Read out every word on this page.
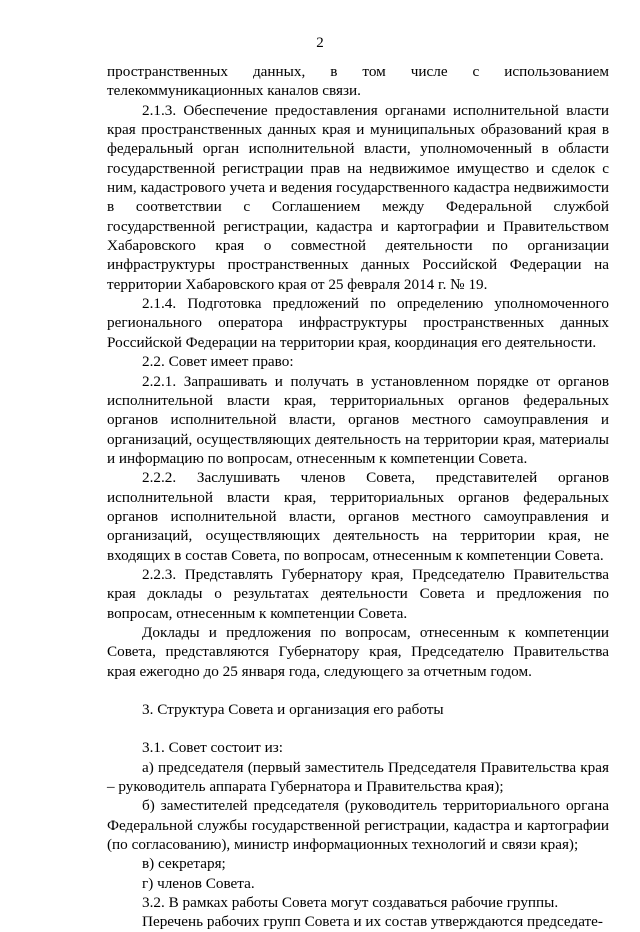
2

пространственных данных, в том числе с использованием телекоммуникационных каналов связи.

2.1.3. Обеспечение предоставления органами исполнительной власти края пространственных данных края и муниципальных образований края в федеральный орган исполнительной власти, уполномоченный в области государственной регистрации прав на недвижимое имущество и сделок с ним, кадастрового учета и ведения государственного кадастра недвижимости в соответствии с Соглашением между Федеральной службой государственной регистрации, кадастра и картографии и Правительством Хабаровского края о совместной деятельности по организации инфраструктуры пространственных данных Российской Федерации на территории Хабаровского края от 25 февраля 2014 г. № 19.

2.1.4. Подготовка предложений по определению уполномоченного регионального оператора инфраструктуры пространственных данных Российской Федерации на территории края, координация его деятельности.

2.2. Совет имеет право:

2.2.1. Запрашивать и получать в установленном порядке от органов исполнительной власти края, территориальных органов федеральных органов исполнительной власти, органов местного самоуправления и организаций, осуществляющих деятельность на территории края, материалы и информацию по вопросам, отнесенным к компетенции Совета.

2.2.2. Заслушивать членов Совета, представителей органов исполнительной власти края, территориальных органов федеральных органов исполнительной власти, органов местного самоуправления и организаций, осуществляющих деятельность на территории края, не входящих в состав Совета, по вопросам, отнесенным к компетенции Совета.

2.2.3. Представлять Губернатору края, Председателю Правительства края доклады о результатах деятельности Совета и предложения по вопросам, отнесенным к компетенции Совета.

Доклады и предложения по вопросам, отнесенным к компетенции Совета, представляются Губернатору края, Председателю Правительства края ежегодно до 25 января года, следующего за отчетным годом.

3. Структура Совета и организация его работы

3.1. Совет состоит из:

а) председателя (первый заместитель Председателя Правительства края – руководитель аппарата Губернатора и Правительства края);

б) заместителей председателя (руководитель территориального органа Федеральной службы государственной регистрации, кадастра и картографии (по согласованию), министр информационных технологий и связи края);

в) секретаря;

г) членов Совета.

3.2. В рамках работы Совета могут создаваться рабочие группы.

Перечень рабочих групп Совета и их состав утверждаются председате-
